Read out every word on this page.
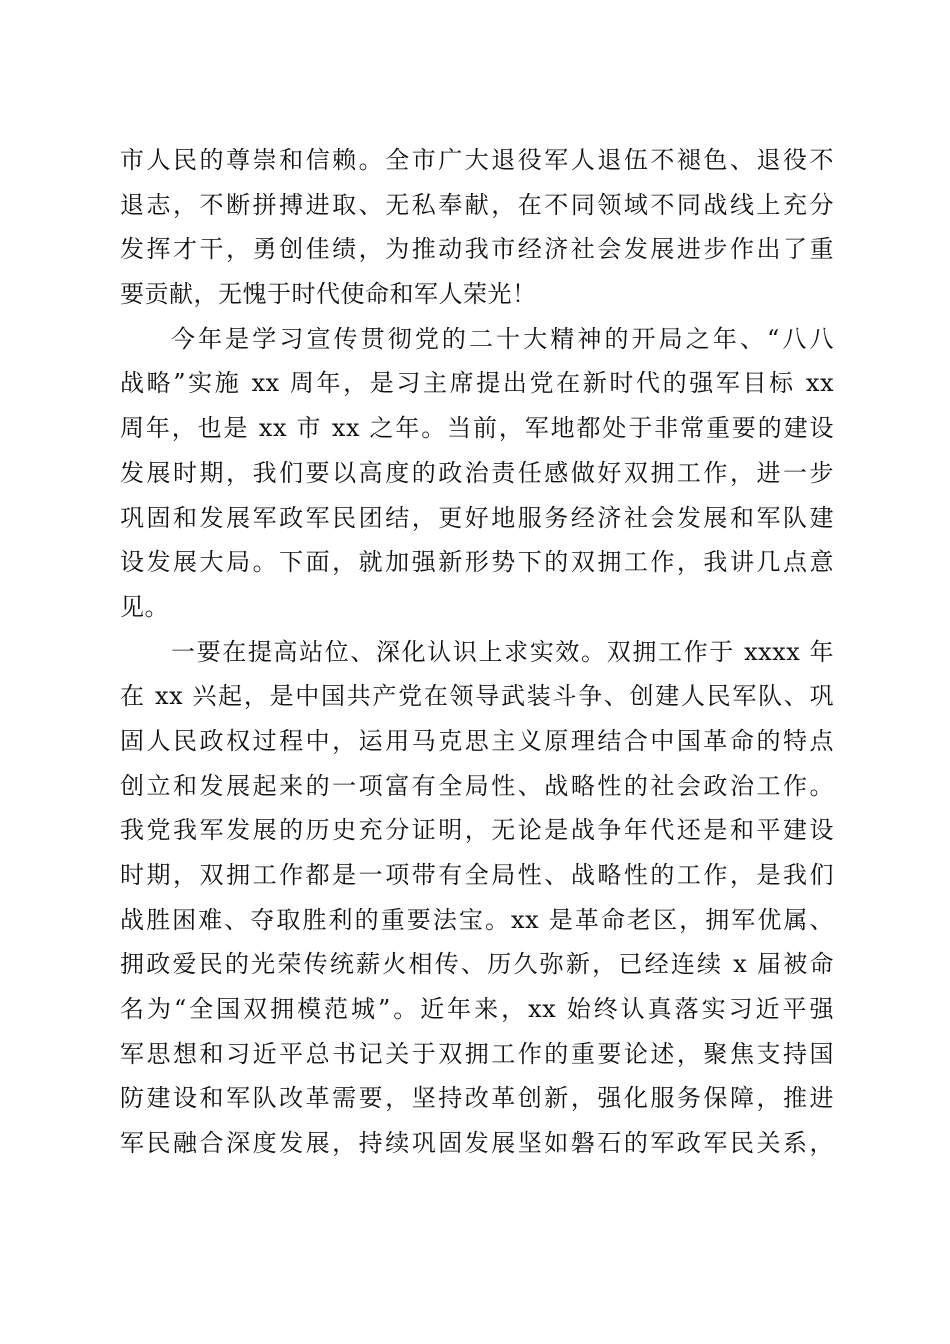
市人民的尊崇和信赖。全市广大退役军人退伍不褪色、退役不
退志，不断拼搏进取、无私奉献，在不同领域不同战线上充分
发挥才干，勇创佳绩，为推动我市经济社会发展进步作出了重
要贡献，无愧于时代使命和军人荣光！
今年是学习宣传贯彻党的二十大精神的开局之年、“八八
战略”实施 xx 周年，是习主席提出党在新时代的强军目标 xx
周年，也是 xx 市 xx 之年。当前，军地都处于非常重要的建设
发展时期，我们要以高度的政治责任感做好双拥工作，进一步
巩固和发展军政军民团结，更好地服务经济社会发展和军队建
设发展大局。下面，就加强新形势下的双拥工作，我讲几点意
见。
一要在提高站位、深化认识上求实效。双拥工作于 xxxx 年
在 xx 兴起，是中国共产党在领导武装斗争、创建人民军队、巩
固人民政权过程中，运用马克思主义原理结合中国革命的特点
创立和发展起来的一项富有全局性、战略性的社会政治工作。
我党我军发展的历史充分证明，无论是战争年代还是和平建设
时期，双拥工作都是一项带有全局性、战略性的工作，是我们
战胜困难、夺取胜利的重要法宝。xx 是革命老区，拥军优属、
拥政爱民的光荣传统薪火相传、历久弥新，已经连续 x 届被命
名为“全国双拥模范城”。近年来，xx 始终认真落实习近平强
军思想和习近平总书记关于双拥工作的重要论述，聚焦支持国
防建设和军队改革需要，坚持改革创新，强化服务保障，推进
军民融合深度发展，持续巩固发展坚如磐石的军政军民关系，
